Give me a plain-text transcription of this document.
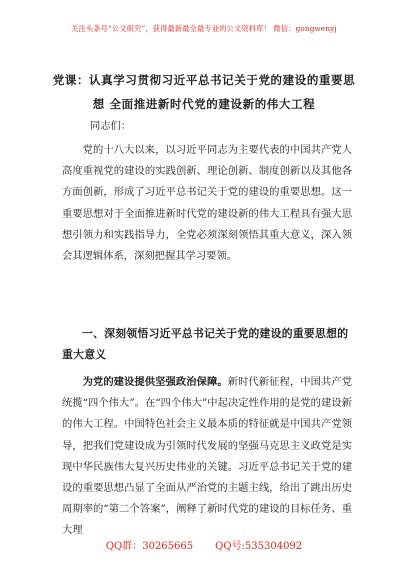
关注头条号“公文研究”，获得最新最全最专业的公文资料库！ 微信：gongwenyj
党课：认真学习贯彻习近平总书记关于党的建设的重要思
想 全面推进新时代党的建设新的伟大工程
同志们：

党的十八大以来，以习近平同志为主要代表的中国共产党人高度重视党的建设的实践创新、理论创新、制度创新以及其他各方面创新，形成了习近平总书记关于党的建设的重要思想。这一重要思想对于全面推进新时代党的建设新的伟大工程具有强大思想引领力和实践指导力，全党必须深刻领悟其重大意义，深入领会其逻辑体系，深刻把握其学习要领。

一、深刻领悟习近平总书记关于党的建设的重要思想的
重大意义

为党的建设提供坚强政治保障。新时代新征程，中国共产党统揽“四个伟大”。在“四个伟大”中起决定性作用的是党的建设新的伟大工程。中国特色社会主义最本质的特征就是中国共产党领导，把我们党建设成为引领时代发展的坚强马克思主义政党是实现中华民族伟大复兴历史伟业的关键。习近平总书记关于党的建设的重要思想凸显了全面从严治党的主题主线，给出了跳出历史周期率的“第二个答案”，阐释了新时代党的建设的目标任务、重大理

QQ群：30265665 QQ号:535304092
